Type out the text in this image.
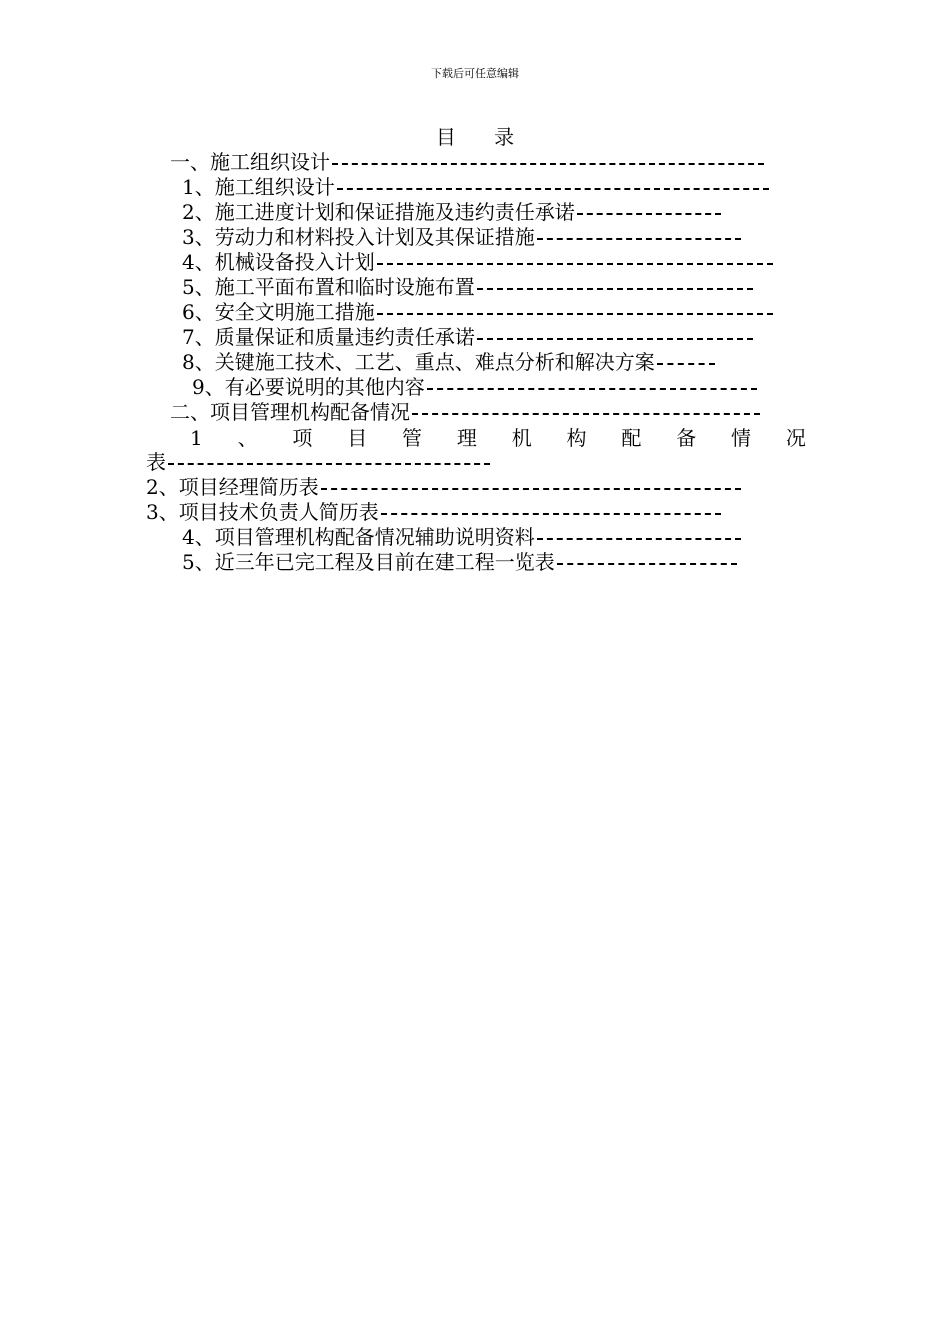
下载后可任意编辑
目 录
一、施工组织设计
1、施工组织设计
2、施工进度计划和保证措施及违约责任承诺
3、劳动力和材料投入计划及其保证措施
4、机械设备投入计划
5、施工平面布置和临时设施布置
6、安全文明施工措施
7、质量保证和质量违约责任承诺
8、关键施工技术、工艺、重点、难点分析和解决方案
9、有必要说明的其他内容
二、项目管理机构配备情况
1 、 项 目 管 理 机 构 配 备 情 况
表
2、项目经理简历表
3、项目技术负责人简历表
4、项目管理机构配备情况辅助说明资料
5、近三年已完工程及目前在建工程一览表
